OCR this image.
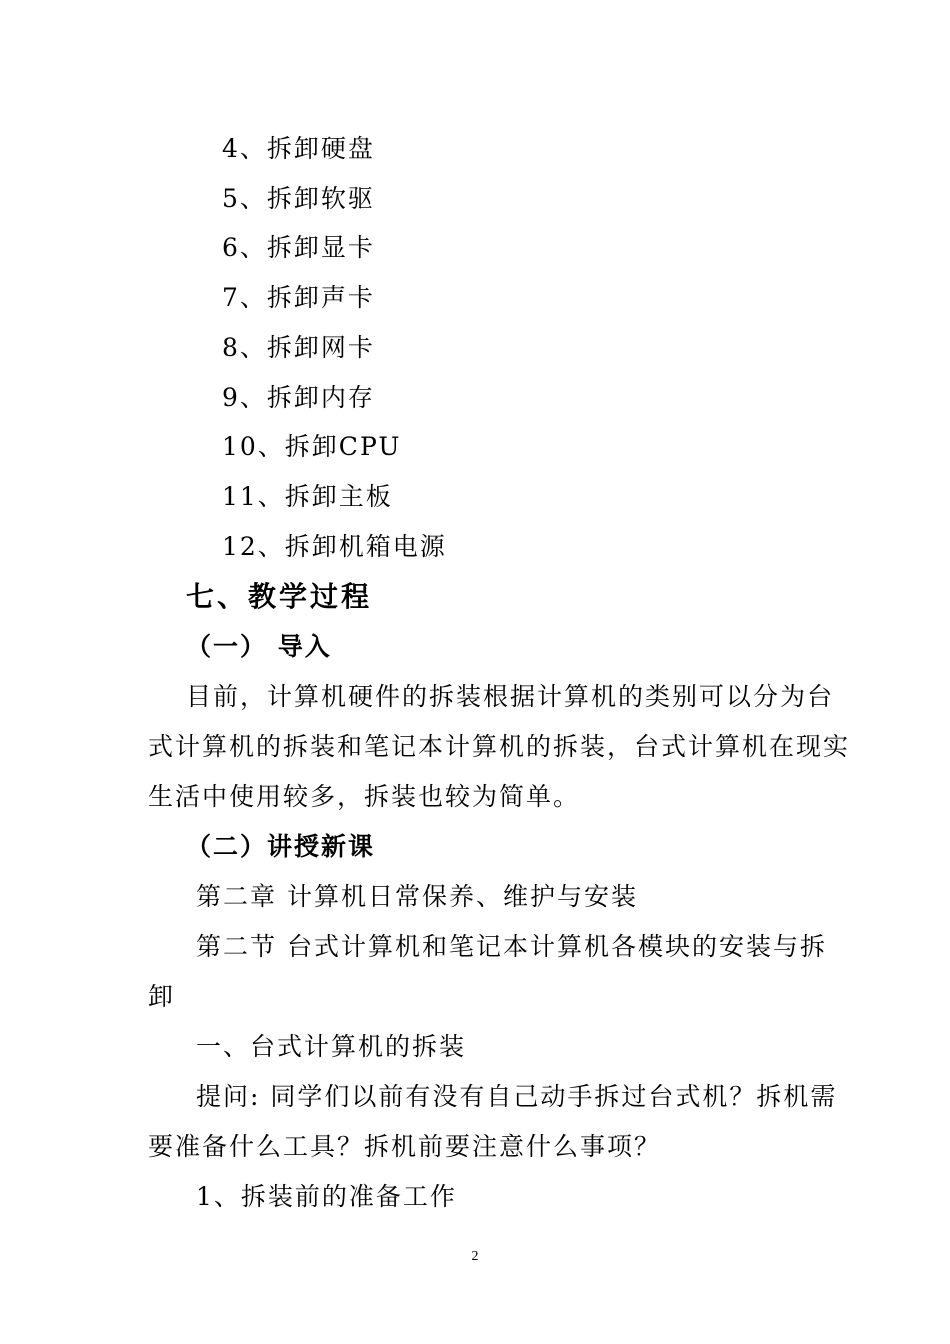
4、拆卸硬盘
5、拆卸软驱
6、拆卸显卡
7、拆卸声卡
8、拆卸网卡
9、拆卸内存
10、拆卸CPU
11、拆卸主板
12、拆卸机箱电源
七、教学过程
（一） 导入
目前，计算机硬件的拆装根据计算机的类别可以分为台
式计算机的拆装和笔记本计算机的拆装，台式计算机在现实
生活中使用较多，拆装也较为简单。
（二）讲授新课
第二章 计算机日常保养、维护与安装
第二节 台式计算机和笔记本计算机各模块的安装与拆
卸
一、台式计算机的拆装
提问: 同学们以前有没有自己动手拆过台式机？拆机需
要准备什么工具？拆机前要注意什么事项？
1、拆装前的准备工作
2
